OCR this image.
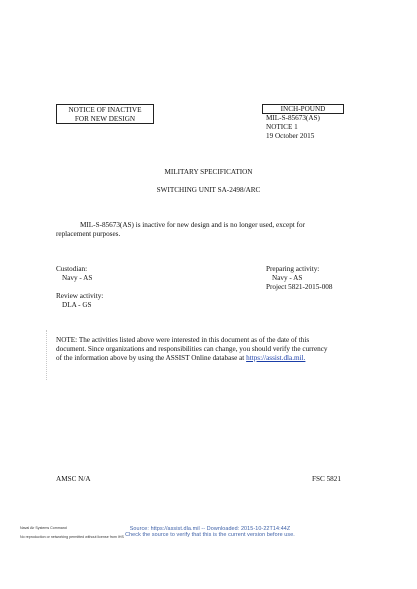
NOTICE OF INACTIVE
FOR NEW DESIGN
INCH-POUND
MIL-S-85673(AS)
NOTICE 1
19 October 2015
MILITARY SPECIFICATION
SWITCHING UNIT SA-2498/ARC
MIL-S-85673(AS) is inactive for new design and is no longer used, except for
replacement purposes.
Custodian:
Navy - AS
Preparing activity:
Navy - AS
Project 5821-2015-008
Review activity:
DLA - GS
NOTE: The activities listed above were interested in this document as of the date of this
document. Since organizations and responsibilities can change, you should verify the currency
of the information above by using the ASSIST Online database at https://assist.dla.mil.
AMSC N/A	FSC 5821
Naval Air Systems Command
No reproduction or networking permitted without license from IHS
Source: https://assist.dla.mil -- Downloaded: 2015-10-22T14:44Z
Check the source to verify that this is the current version before use.
